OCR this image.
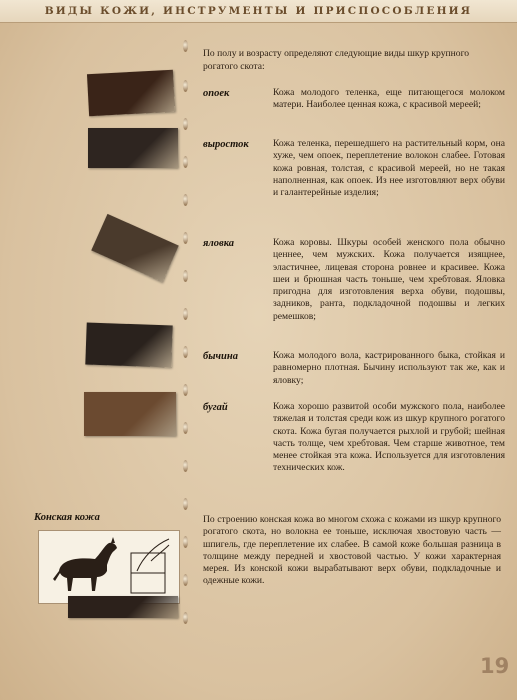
ВИДЫ КОЖИ, ИНСТРУМЕНТЫ И ПРИСПОСОБЛЕНИЯ

По полу и возрасту определяют следующие виды шкур крупного рогатого скота:

опоек	Кожа молодого теленка, еще питающегося молоком матери. Наиболее ценная кожа, с красивой мереей;

выросток	Кожа теленка, перешедшего на растительный корм, она хуже, чем опоек, переплетение волокон слабее. Готовая кожа ровная, толстая, с красивой мереей, но не такая наполненная, как опоек. Из нее изготовляют верх обуви и галантерейные изделия;

яловка	Кожа коровы. Шкуры особей женского пола обычно ценнее, чем мужских. Кожа получается изящнее, эластичнее, лицевая сторона ровнее и красивее. Кожа шеи и брюшная часть тоньше, чем хребтовая. Яловка пригодна для изготовления верха обуви, подошвы, задников, ранта, подкладочной подошвы и легких ремешков;

бычина	Кожа молодого вола, кастрированного быка, стойкая и равномерно плотная. Бычину используют так же, как и яловку;

бугай	Кожа хорошо развитой особи мужского пола, наиболее тяжелая и толстая среди кож из шкур крупного рогатого скота. Кожа бугая получается рыхлой и грубой; шейная часть толще, чем хребтовая. Чем старше животное, тем менее стойкая эта кожа. Используется для изготовления технических кож.

Конская кожа	По строению конская кожа во многом схожа с кожами из шкур крупного рогатого скота, но волокна ее тоньше, исключая хвостовую часть — шпигель, где переплетение их слабее. В самой коже большая разница в толщине между передней и хвостовой частью. У кожи характерная мерея. Из конской кожи вырабатывают верх обуви, подкладочные и одежные кожи.

19
